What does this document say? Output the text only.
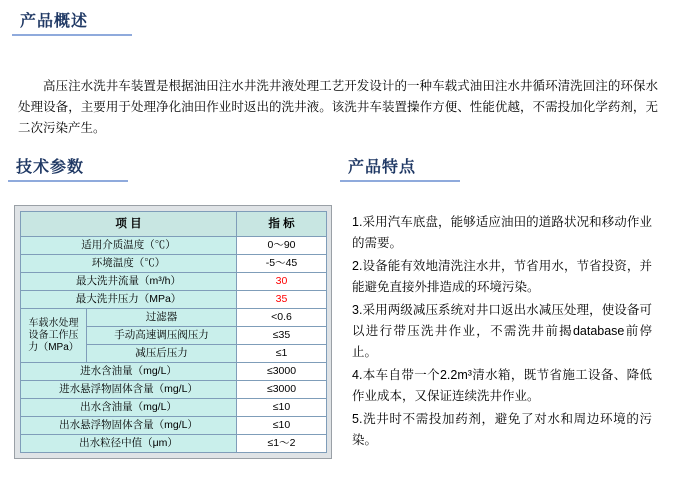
产品概述
高压注水洗井车装置是根据油田注水井洗井液处理工艺开发设计的一种车载式油田注水井循环清洗回注的环保水处理设备，主要用于处理净化油田作业时返出的洗井液。该洗井车装置操作方便、性能优越，不需投加化学药剂，无二次污染产生。
技术参数	产品特点
项 目		指 标
适用介质温度（℃）		0～90
环境温度（℃）		-5～45
最大洗井流量（m³/h）		30
最大洗井压力（MPa）		35
车载水处理设备工作压力（MPa）	过滤器	<0.6
	手动高速调压阀压力	≤35
	减压后压力	≤1
进水含油量（mg/L）		≤3000
进水悬浮物固体含量（mg/L）		≤3000
出水含油量（mg/L）		≤10
出水悬浮物固体含量（mg/L）		≤10
出水粒径中值（μm）		≤1～2

1.采用汽车底盘，能够适应油田的道路状况和移动作业的需要。

2.设备能有效地清洗注水井，节省用水，节省投资，并能避免直接外排造成的环境污染。

3.采用两级减压系统对井口返出水减压处理，使设备可以进行带压洗井作业，不需洗井前揭database前停止。

4.本车自带一个2.2m³清水箱，既节省施工设备、降低作业成本，又保证连续洗井作业。

5.洗井时不需投加药剂，避免了对水和周边环境的污染。
